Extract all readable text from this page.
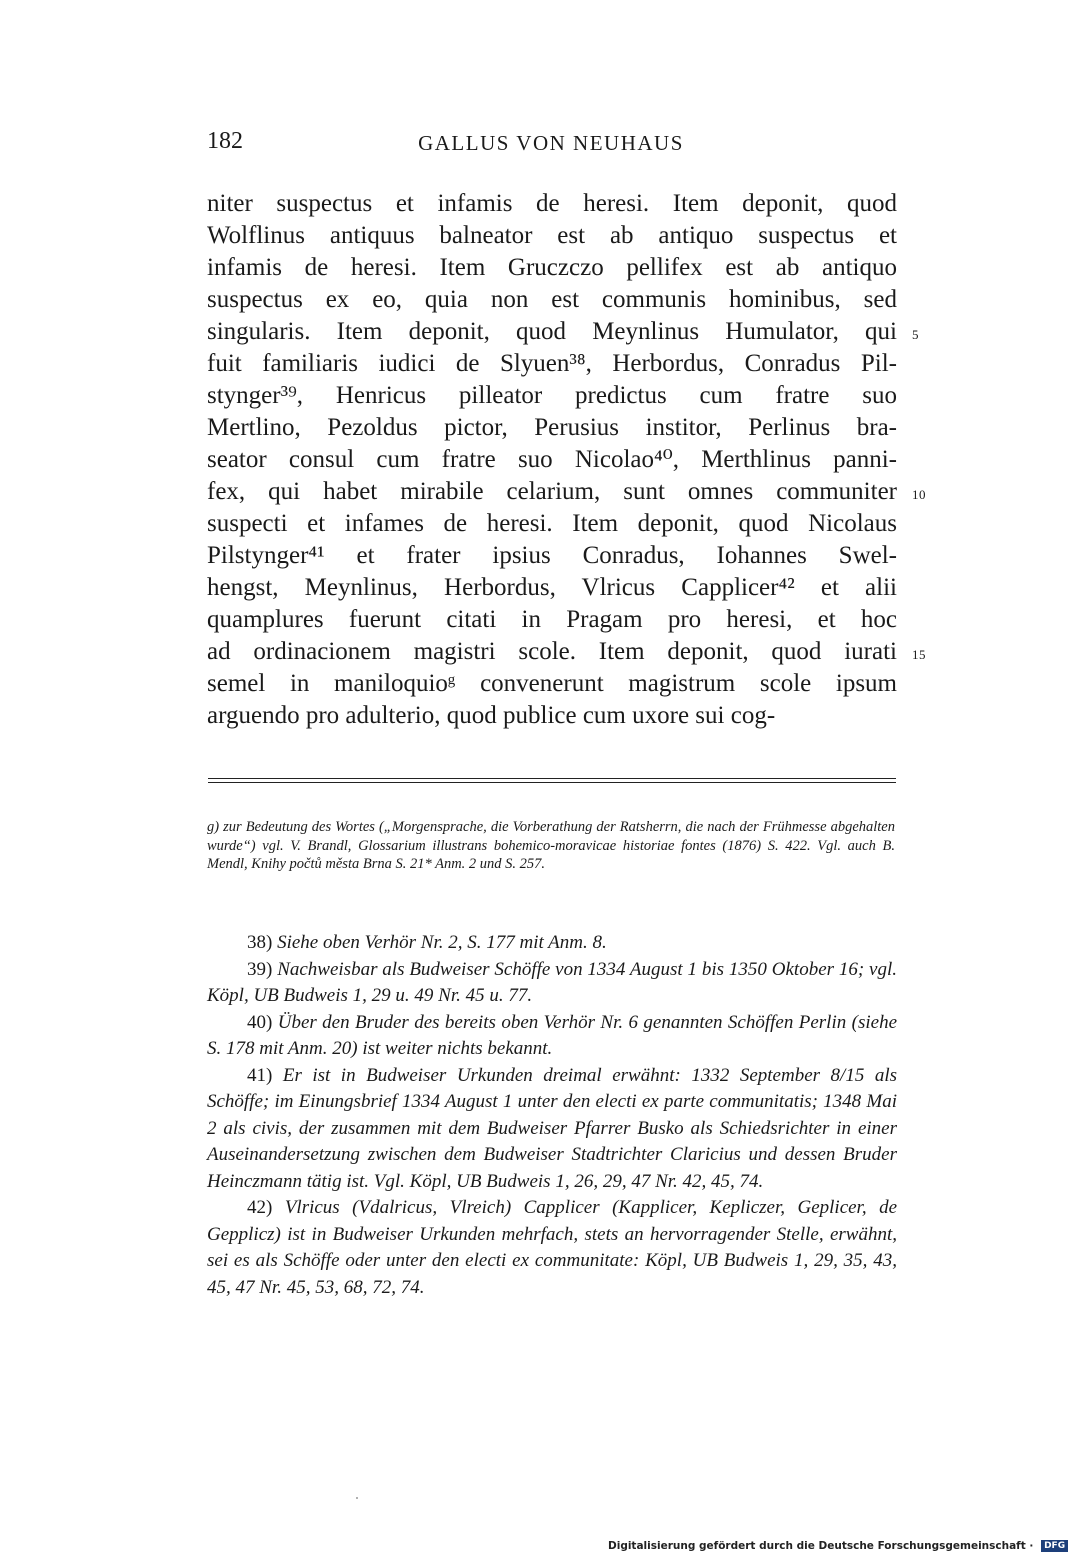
182	GALLUS VON NEUHAUS
niter suspectus et infamis de heresi. Item deponit, quod
Wolflinus antiquus balneator est ab antiquo suspectus et
infamis de heresi. Item Gruczczo pellifex est ab antiquo
suspectus ex eo, quia non est communis hominibus, sed
singularis. Item deponit, quod Meynlinus Humulator, qui 5
fuit familiaris iudici de Slyuen³⁸, Herbordus, Conradus Pil-
stynger³⁹, Henricus pilleator predictus cum fratre suo
Mertlino, Pezoldus pictor, Perusius institor, Perlinus bra-
seator consul cum fratre suo Nicolao⁴⁰, Merthlinus panni-
fex, qui habet mirabile celarium, sunt omnes communiter 10
suspecti et infames de heresi. Item deponit, quod Nicolaus
Pilstynger⁴¹ et frater ipsius Conradus, Iohannes Swel-
hengst, Meynlinus, Herbordus, Vlricus Capplicer⁴² et alii
quamplures fuerunt citati in Pragam pro heresi, et hoc
ad ordinacionem magistri scole. Item deponit, quod iurati 15
semel in maniloquioᵍ convenerunt magistrum scole ipsum
arguendo pro adulterio, quod publice cum uxore sui cog-
g) zur Bedeutung des Wortes („Morgensprache, die Vorberathung der Ratsherrn, die nach der Frühmesse abgehalten wurde“) vgl. V. Brandl, Glossarium illustrans bohemico-moravicae historiae fontes (1876) S. 422. Vgl. auch B. Mendl, Knihy počtů města Brna S. 21* Anm. 2 und S. 257.

38) Siehe oben Verhör Nr. 2, S. 177 mit Anm. 8.

39) Nachweisbar als Budweiser Schöffe von 1334 August 1 bis 1350 Oktober 16; vgl. Köpl, UB Budweis 1, 29 u. 49 Nr. 45 u. 77.

40) Über den Bruder des bereits oben Verhör Nr. 6 genannten Schöffen Perlin (siehe S. 178 mit Anm. 20) ist weiter nichts bekannt.

41) Er ist in Budweiser Urkunden dreimal erwähnt: 1332 September 8/15 als Schöffe; im Einungsbrief 1334 August 1 unter den electi ex parte communitatis; 1348 Mai 2 als civis, der zusammen mit dem Budweiser Pfarrer Busko als Schiedsrichter in einer Auseinandersetzung zwischen dem Budweiser Stadtrichter Claricius und dessen Bruder Heinczmann tätig ist. Vgl. Köpl, UB Budweis 1, 26, 29, 47 Nr. 42, 45, 74.

42) Vlricus (Vdalricus, Vlreich) Capplicer (Kapplicer, Kepliczer, Geplicer, de Gepplicz) ist in Budweiser Urkunden mehrfach, stets an hervorragender Stelle, erwähnt, sei es als Schöffe oder unter den electi ex communitate: Köpl, UB Budweis 1, 29, 35, 43, 45, 47 Nr. 45, 53, 68, 72, 74.

Digitalisierung gefördert durch die Deutsche Forschungsgemeinschaft · DFG
